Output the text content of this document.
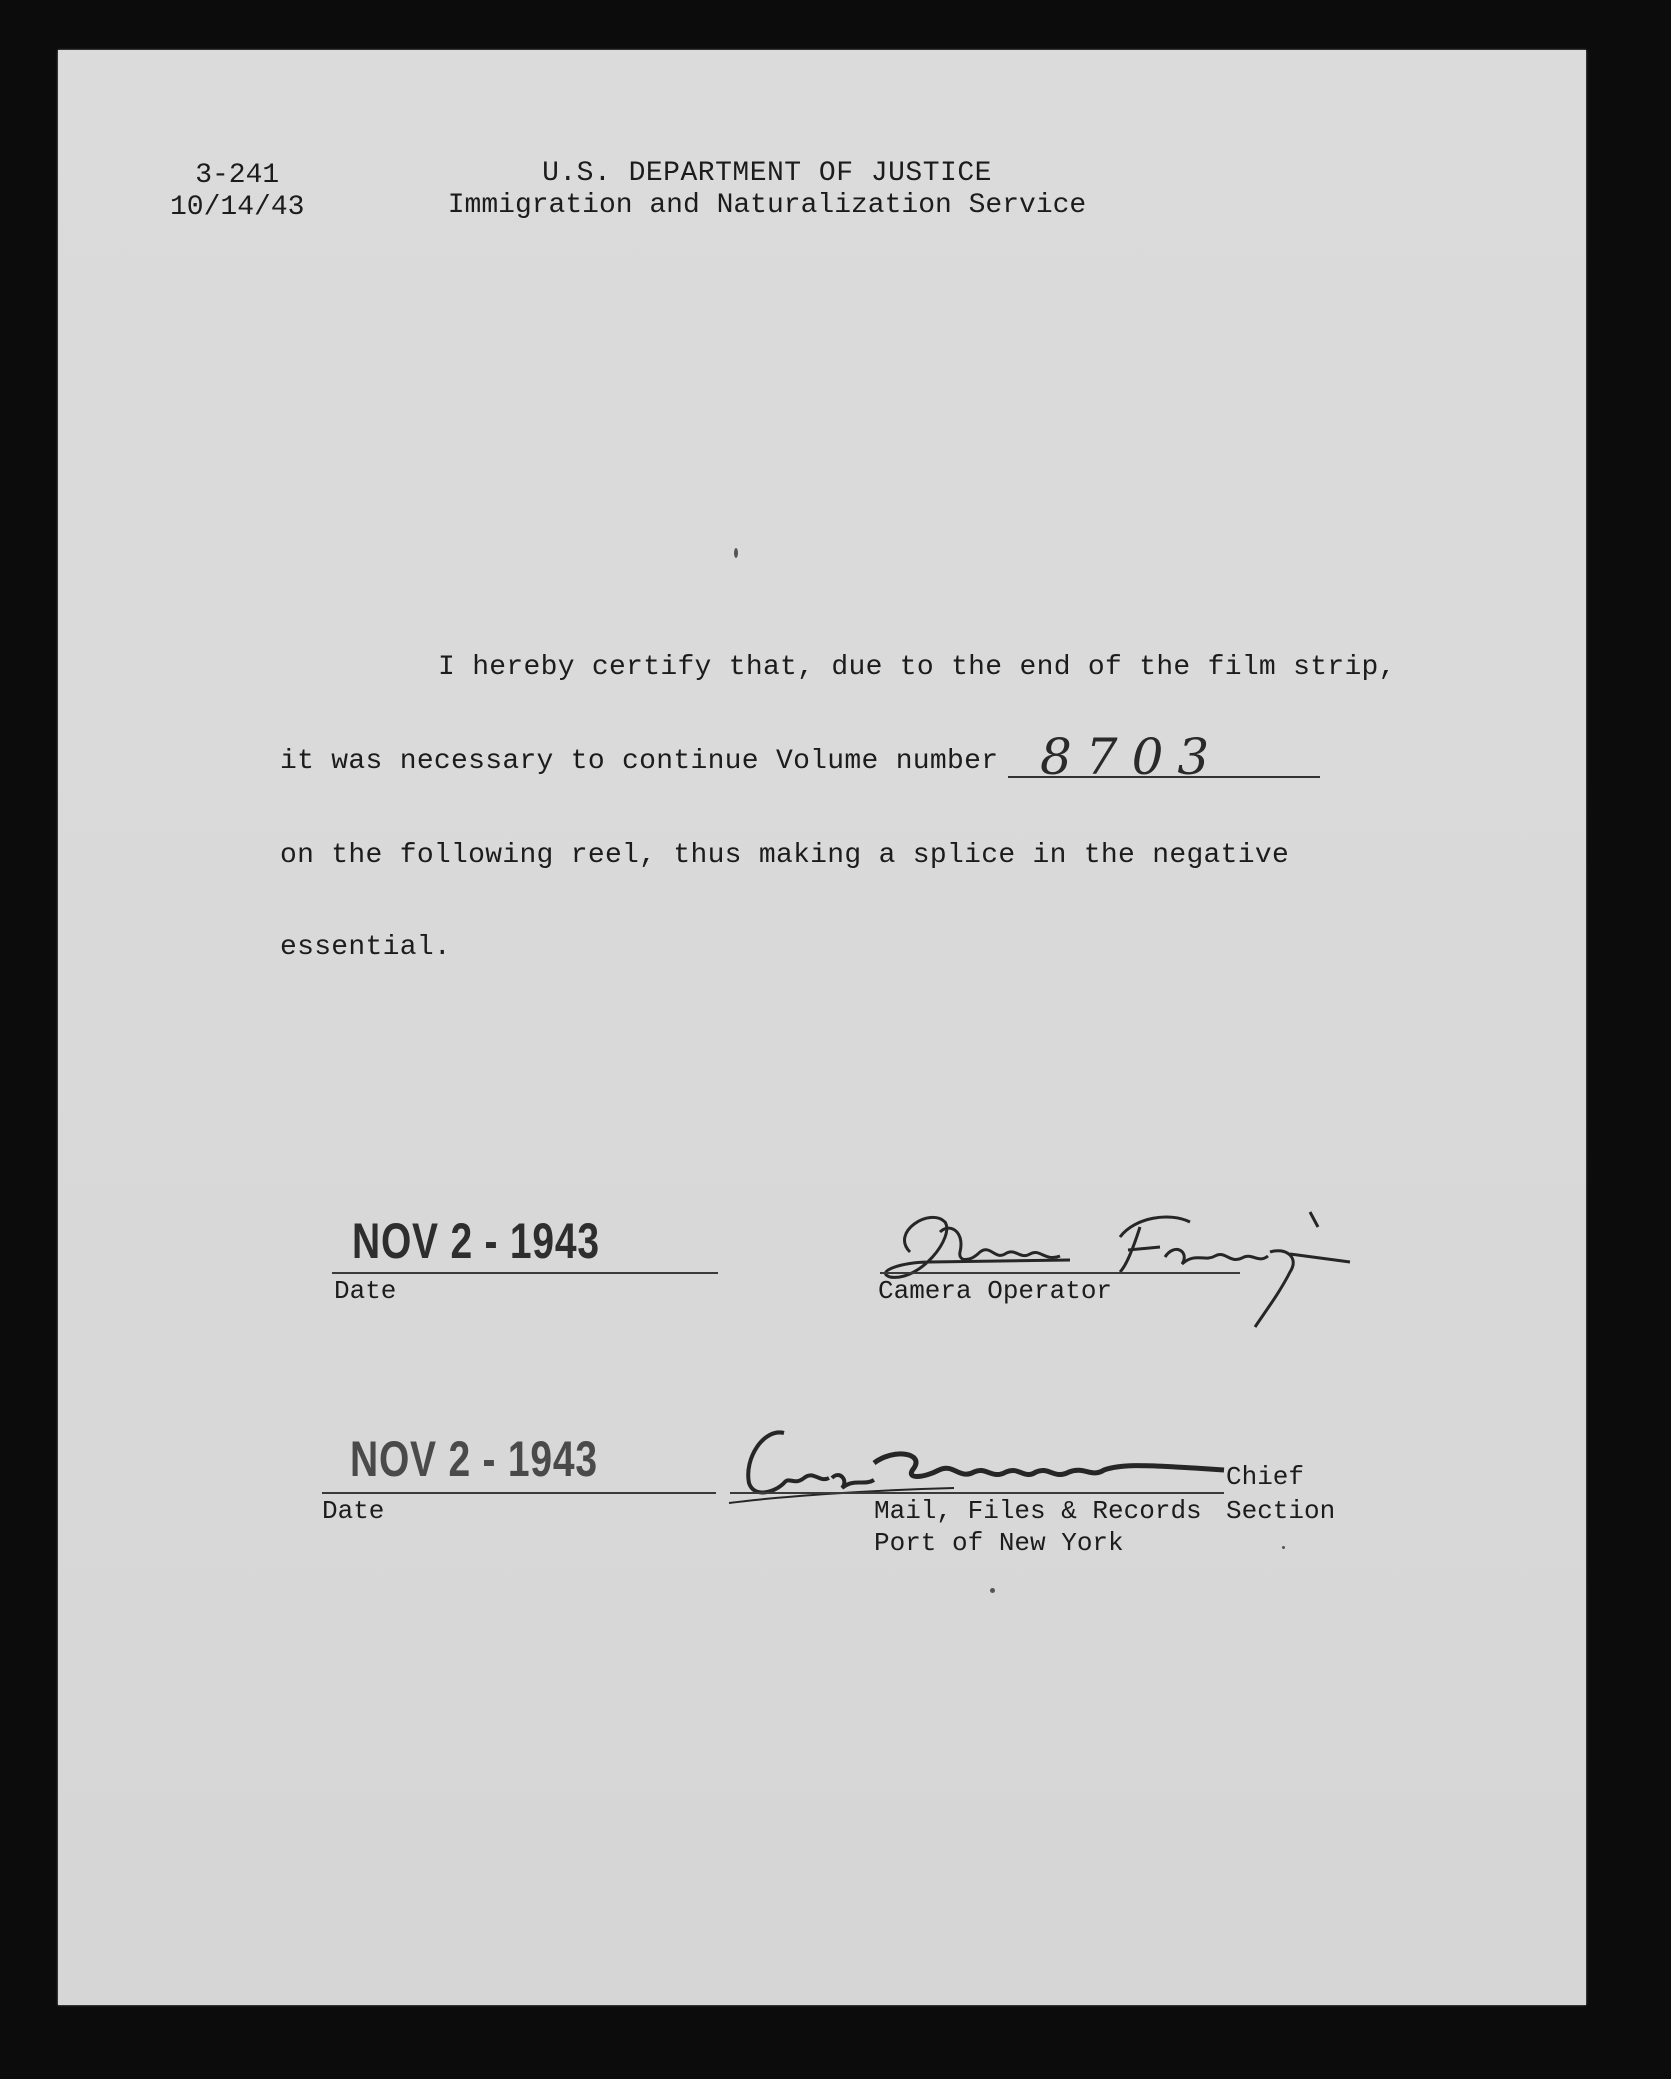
3-241
10/14/43
U.S. DEPARTMENT OF JUSTICE
Immigration and Naturalization Service
I hereby certify that, due to the end of the film strip,
it was necessary to continue Volume number 8703
on the following reel, thus making a splice in the negative
essential.
NOV 2 - 1943
Date	Camera Operator
NOV 2 - 1943
Date
Chief
Mail, Files & Records Section
Port of New York
